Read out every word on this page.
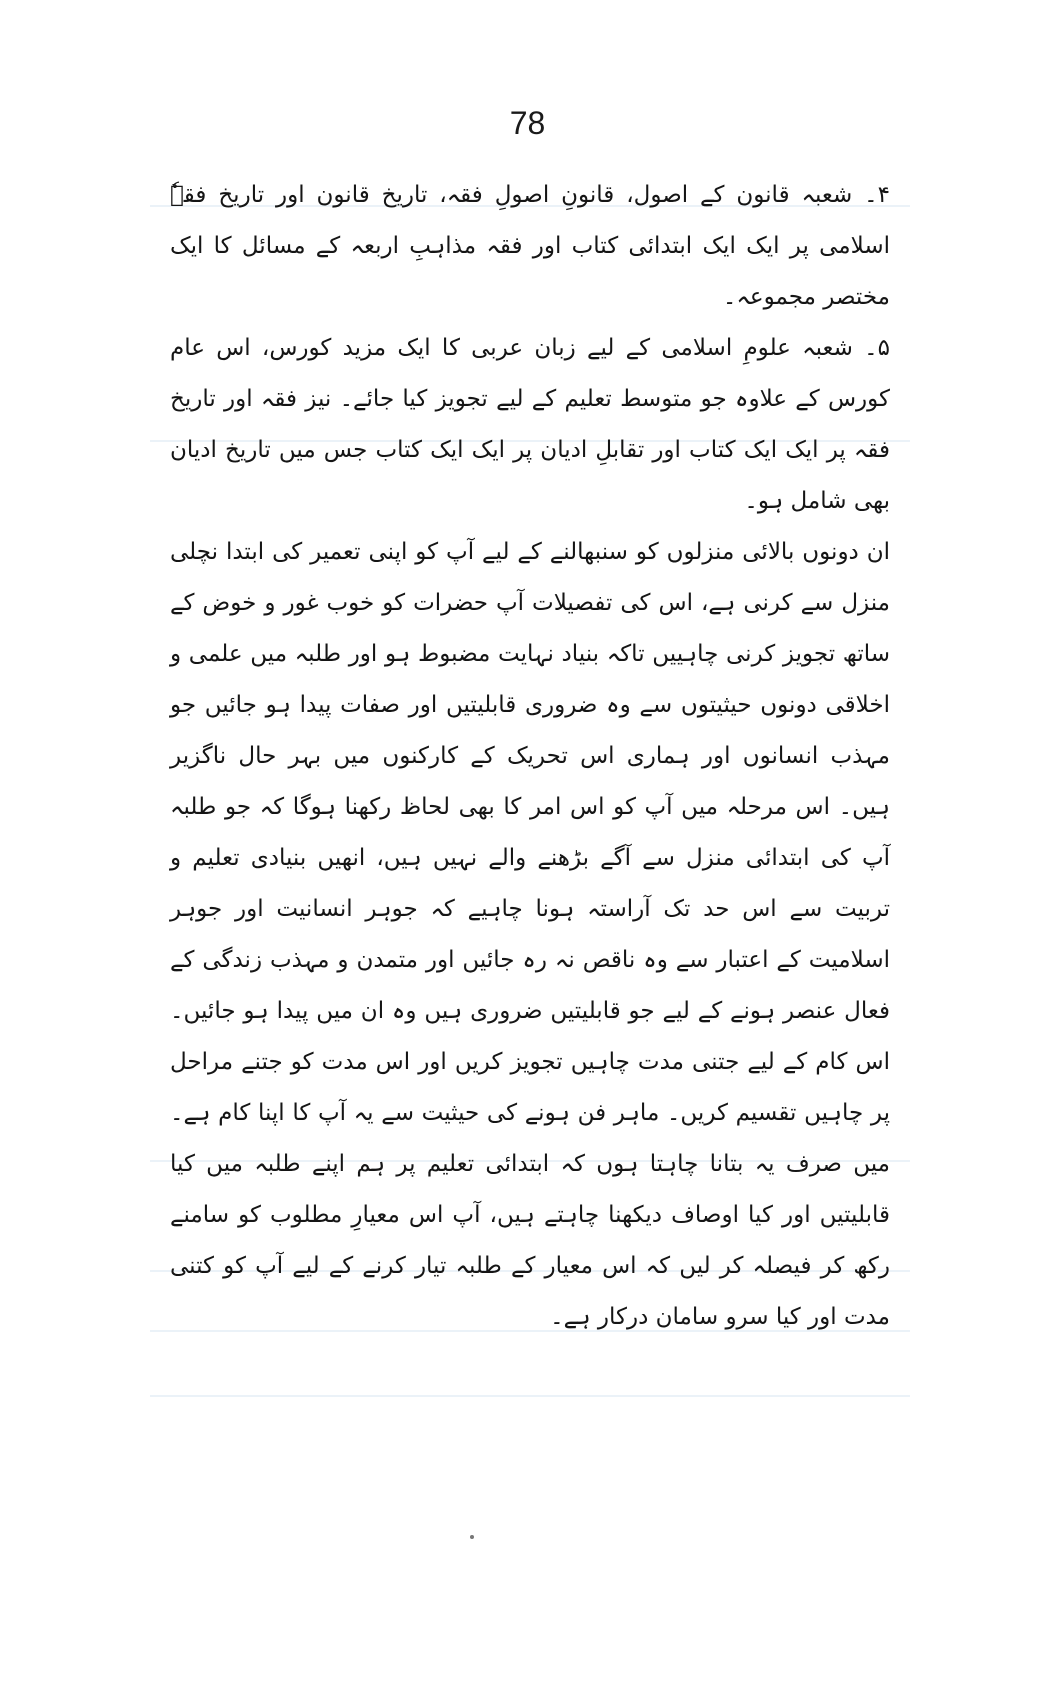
78

۴۔ شعبہ قانون کے اصول، قانونِ اصولِ فقہ، تاریخ قانون اور تاریخ فقہٗ اسلامی پر ایک ایک ابتدائی کتاب اور فقہ مذاہبِ اربعہ کے مسائل کا ایک مختصر مجموعہ۔

۵۔ شعبہ علومِ اسلامی کے لیے زبان عربی کا ایک مزید کورس، اس عام کورس کے علاوہ جو متوسط تعلیم کے لیے تجویز کیا جائے۔ نیز فقہ اور تاریخ فقہ پر ایک ایک کتاب اور تقابلِ ادیان پر ایک ایک کتاب جس میں تاریخ ادیان بھی شامل ہو۔

ان دونوں بالائی منزلوں کو سنبھالنے کے لیے آپ کو اپنی تعمیر کی ابتدا نچلی منزل سے کرنی ہے، اس کی تفصیلات آپ حضرات کو خوب غور و خوض کے ساتھ تجویز کرنی چاہییں تاکہ بنیاد نہایت مضبوط ہو اور طلبہ میں علمی و اخلاقی دونوں حیثیتوں سے وہ ضروری قابلیتیں اور صفات پیدا ہو جائیں جو مہذب انسانوں اور ہماری اس تحریک کے کارکنوں میں بہر حال ناگزیر ہیں۔ اس مرحلہ میں آپ کو اس امر کا بھی لحاظ رکھنا ہوگا کہ جو طلبہ آپ کی ابتدائی منزل سے آگے بڑھنے والے نہیں ہیں، انھیں بنیادی تعلیم و تربیت سے اس حد تک آراستہ ہونا چاہیے کہ جوہر انسانیت اور جوہر اسلامیت کے اعتبار سے وہ ناقص نہ رہ جائیں اور متمدن و مہذب زندگی کے فعال عنصر ہونے کے لیے جو قابلیتیں ضروری ہیں وہ ان میں پیدا ہو جائیں۔ اس کام کے لیے جتنی مدت چاہیں تجویز کریں اور اس مدت کو جتنے مراحل پر چاہیں تقسیم کریں۔ ماہر فن ہونے کی حیثیت سے یہ آپ کا اپنا کام ہے۔ میں صرف یہ بتانا چاہتا ہوں کہ ابتدائی تعلیم پر ہم اپنے طلبہ میں کیا قابلیتیں اور کیا اوصاف دیکھنا چاہتے ہیں، آپ اس معیارِ مطلوب کو سامنے رکھ کر فیصلہ کر لیں کہ اس معیار کے طلبہ تیار کرنے کے لیے آپ کو کتنی مدت اور کیا سرو سامان درکار ہے۔
